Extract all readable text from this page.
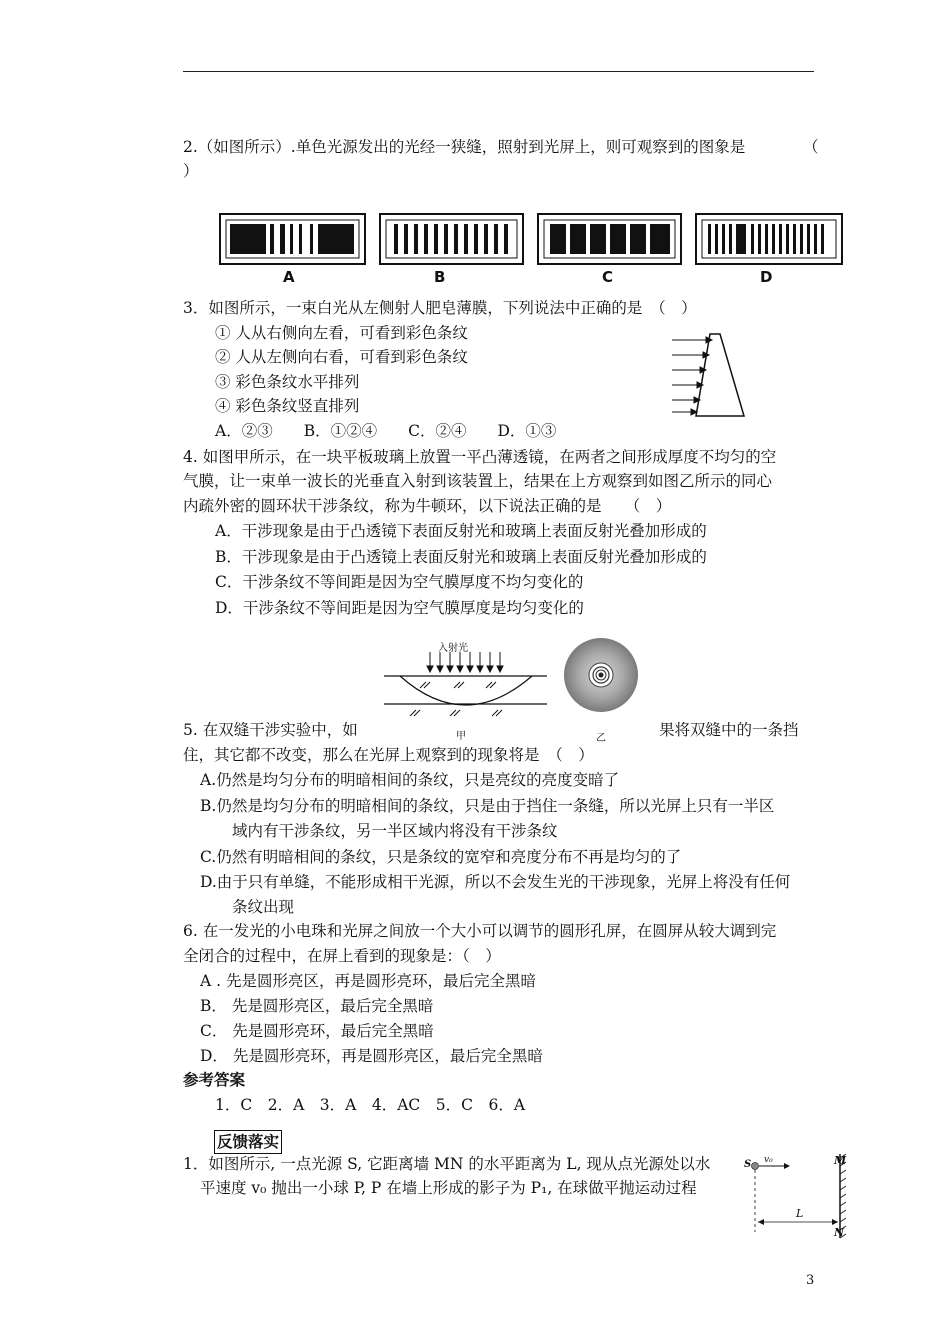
2.（如图所示）.单色光源发出的光经一狭缝，照射到光屏上，则可观察到的图象是	（
）
A	B	C	D
3．如图所示，一束白光从左侧射人肥皂薄膜，下列说法中正确的是　（　）
① 人从右侧向左看，可看到彩色条纹
② 人从左侧向右看，可看到彩色条纹
③ 彩色条纹水平排列
④ 彩色条纹竖直排列
A．②③　　B．①②④　　C．②④　　D．①③
4. 如图甲所示，在一块平板玻璃上放置一平凸薄透镜，在两者之间形成厚度不均匀的空
气膜，让一束单一波长的光垂直入射到该装置上，结果在上方观察到如图乙所示的同心
内疏外密的圆环状干涉条纹，称为牛顿环，以下说法正确的是　　（　）
A．干涉现象是由于凸透镜下表面反射光和玻璃上表面反射光叠加形成的
B．干涉现象是由于凸透镜上表面反射光和玻璃上表面反射光叠加形成的
C．干涉条纹不等间距是因为空气膜厚度不均匀变化的
D．干涉条纹不等间距是因为空气膜厚度是均匀变化的
入射光
甲	乙
5. 在双缝干涉实验中，如	果将双缝中的一条挡
住，其它都不改变，那么在光屏上观察到的现象将是　（　）
A.仍然是均匀分布的明暗相间的条纹，只是亮纹的亮度变暗了
B.仍然是均匀分布的明暗相间的条纹，只是由于挡住一条缝，所以光屏上只有一半区
域内有干涉条纹，另一半区域内将没有干涉条纹
C.仍然有明暗相间的条纹，只是条纹的宽窄和亮度分布不再是均匀的了
D.由于只有单缝，不能形成相干光源，所以不会发生光的干涉现象，光屏上将没有任何
条纹出现
6. 在一发光的小电珠和光屏之间放一个大小可以调节的圆形孔屏，在圆屏从较大调到完
全闭合的过程中，在屏上看到的现象是：（　）
A . 先是圆形亮区，再是圆形亮环，最后完全黑暗
B． 先是圆形亮区，最后完全黑暗
C． 先是圆形亮环，最后完全黑暗
D． 先是圆形亮环，再是圆形亮区，最后完全黑暗
参考答案
1．C　2．A　3．A　4．AC　5．C　6．A
反馈落实
1．如图所示, 一点光源 S, 它距离墙 MN 的水平距离为 L, 现从点光源处以水
平速度 v₀ 抛出一小球 P, P 在墙上形成的影子为 P₁, 在球做平抛运动过程
S v₀	M
N
L
3
